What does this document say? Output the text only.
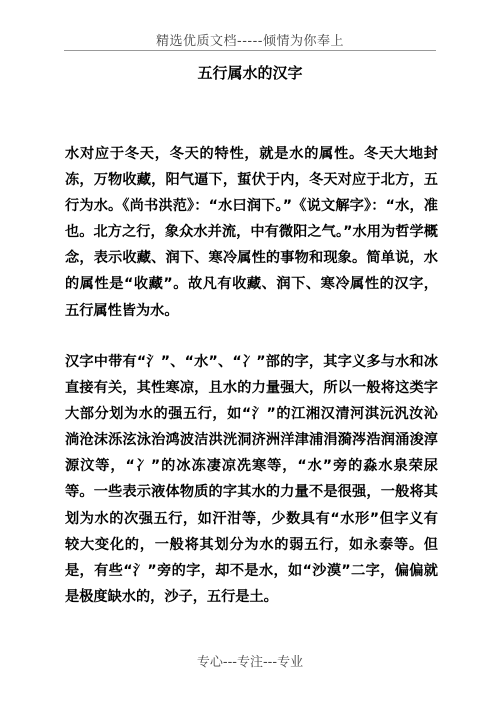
精选优质文档-----倾情为你奉上
五行属水的汉字

水对应于冬天，冬天的特性，就是水的属性。冬天大地封冻，万物收藏，阳气逼下，蜇伏于内，冬天对应于北方，五行为水。《尚书洪范》：“水曰润下。”《说文解字》：“水，准也。北方之行，象众水并流，中有微阳之气。”水用为哲学概念，表示收藏、润下、寒冷属性的事物和现象。简单说，水的属性是“收藏”。故凡有收藏、润下、寒冷属性的汉字，五行属性皆为水。

汉字中带有“氵”、“水”、“冫”部的字，其字义多与水和冰直接有关，其性寒凉，且水的力量强大，所以一般将这类字大部分划为水的强五行，如“氵”的江湘汉清河淇沅汎汝沁淌沧沫泺泫泳治鸿波洁洪洸洞济洲洋津浦涓漪涔浩润涌浚淳源汶等，“冫”的冰冻凄凉冼寒等，“水”旁的淼水泉荣尿等。一些表示液体物质的字其水的力量不是很强，一般将其划为水的次强五行，如汗泔等，少数具有“水形”但字义有较大变化的，一般将其划分为水的弱五行，如永泰等。但是，有些“氵”旁的字，却不是水，如“沙漠”二字，偏偏就是极度缺水的，沙子，五行是土。

专心---专注---专业
